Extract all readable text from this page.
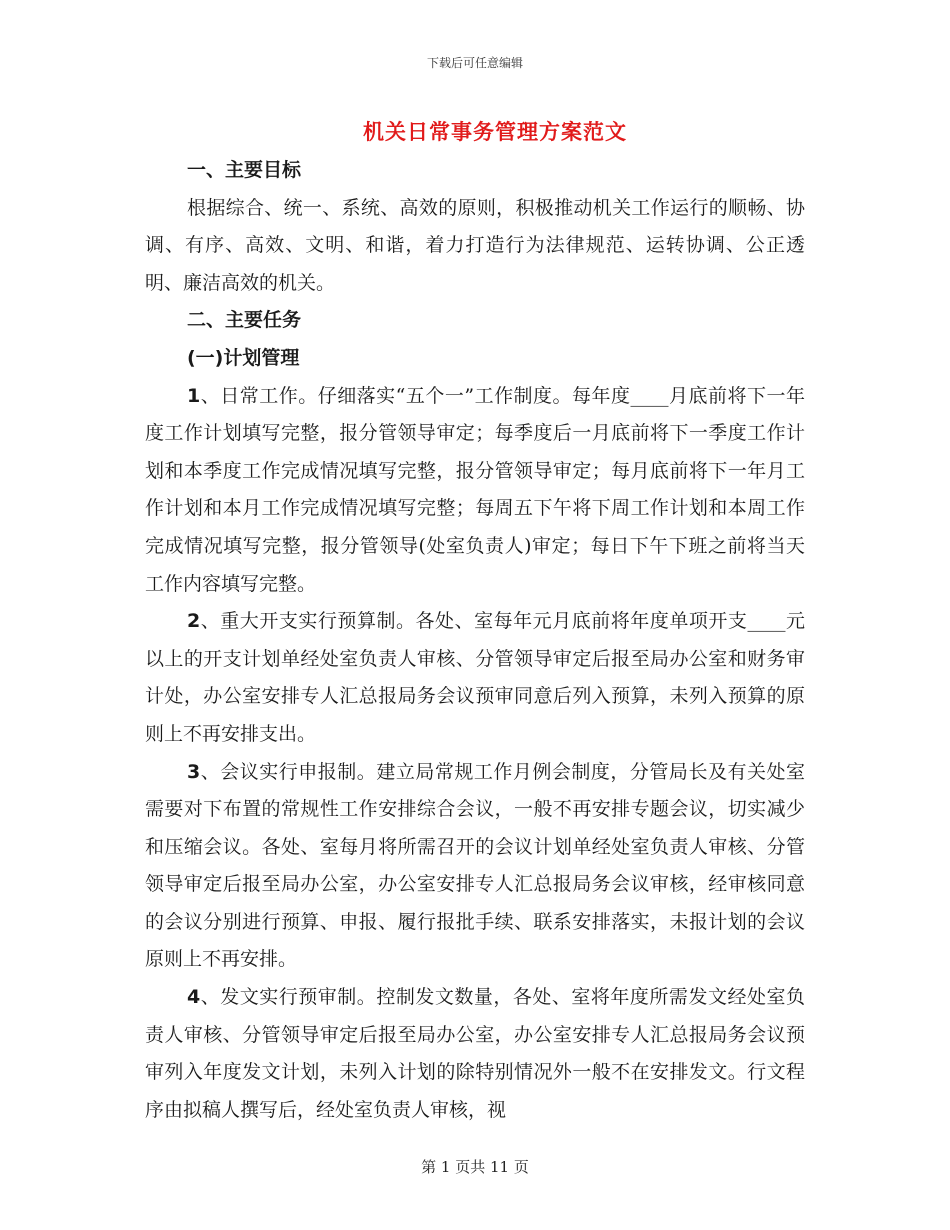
下载后可任意编辑
机关日常事务管理方案范文

一、主要目标

根据综合、统一、系统、高效的原则，积极推动机关工作运行的顺畅、协调、有序、高效、文明、和谐，着力打造行为法律规范、运转协调、公正透明、廉洁高效的机关。

二、主要任务

(一)计划管理

1、日常工作。仔细落实“五个一”工作制度。每年度____月底前将下一年度工作计划填写完整，报分管领导审定；每季度后一月底前将下一季度工作计划和本季度工作完成情况填写完整，报分管领导审定；每月底前将下一年月工作计划和本月工作完成情况填写完整；每周五下午将下周工作计划和本周工作完成情况填写完整，报分管领导(处室负责人)审定；每日下午下班之前将当天工作内容填写完整。

2、重大开支实行预算制。各处、室每年元月底前将年度单项开支____元以上的开支计划单经处室负责人审核、分管领导审定后报至局办公室和财务审计处，办公室安排专人汇总报局务会议预审同意后列入预算，未列入预算的原则上不再安排支出。

3、会议实行申报制。建立局常规工作月例会制度，分管局长及有关处室需要对下布置的常规性工作安排综合会议，一般不再安排专题会议，切实减少和压缩会议。各处、室每月将所需召开的会议计划单经处室负责人审核、分管领导审定后报至局办公室，办公室安排专人汇总报局务会议审核，经审核同意的会议分别进行预算、申报、履行报批手续、联系安排落实，未报计划的会议原则上不再安排。

4、发文实行预审制。控制发文数量，各处、室将年度所需发文经处室负责人审核、分管领导审定后报至局办公室，办公室安排专人汇总报局务会议预审列入年度发文计划，未列入计划的除特别情况外一般不在安排发文。行文程序由拟稿人撰写后，经处室负责人审核，视

第 1 页共 11 页
